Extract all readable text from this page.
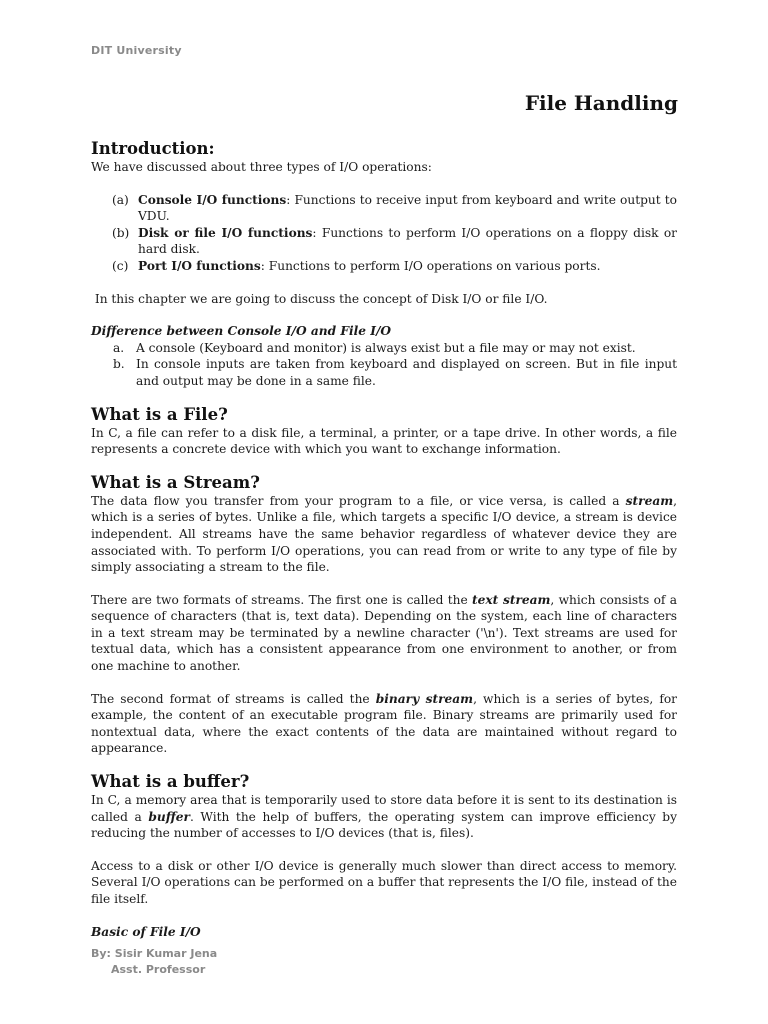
DIT University
File Handling
Introduction:

We have discussed about three types of I/O operations:

(a) Console I/O functions: Functions to receive input from keyboard and write output to VDU.
(b) Disk or file I/O functions: Functions to perform I/O operations on a floppy disk or hard disk.
(c) Port I/O functions: Functions to perform I/O operations on various ports.

In this chapter we are going to discuss the concept of Disk I/O or file I/O.

Difference between Console I/O and File I/O
a. A console (Keyboard and monitor) is always exist but a file may or may not exist.
b. In console inputs are taken from keyboard and displayed on screen. But in file input and output may be done in a same file.
What is a File?

In C, a file can refer to a disk file, a terminal, a printer, or a tape drive. In other words, a file represents a concrete device with which you want to exchange information.

What is a Stream?

The data flow you transfer from your program to a file, or vice versa, is called a stream, which is a series of bytes. Unlike a file, which targets a specific I/O device, a stream is device independent. All streams have the same behavior regardless of whatever device they are associated with. To perform I/O operations, you can read from or write to any type of file by simply associating a stream to the file.

There are two formats of streams. The first one is called the text stream, which consists of a sequence of characters (that is, text data). Depending on the system, each line of characters in a text stream may be terminated by a newline character ('\n'). Text streams are used for textual data, which has a consistent appearance from one environment to another, or from one machine to another.

The second format of streams is called the binary stream, which is a series of bytes, for example, the content of an executable program file. Binary streams are primarily used for nontextual data, where the exact contents of the data are maintained without regard to appearance.

What is a buffer?

In C, a memory area that is temporarily used to store data before it is sent to its destination is called a buffer. With the help of buffers, the operating system can improve efficiency by reducing the number of accesses to I/O devices (that is, files).

Access to a disk or other I/O device is generally much slower than direct access to memory. Several I/O operations can be performed on a buffer that represents the I/O file, instead of the file itself.

Basic of File I/O
By: Sisir Kumar Jena
Asst. Professor
